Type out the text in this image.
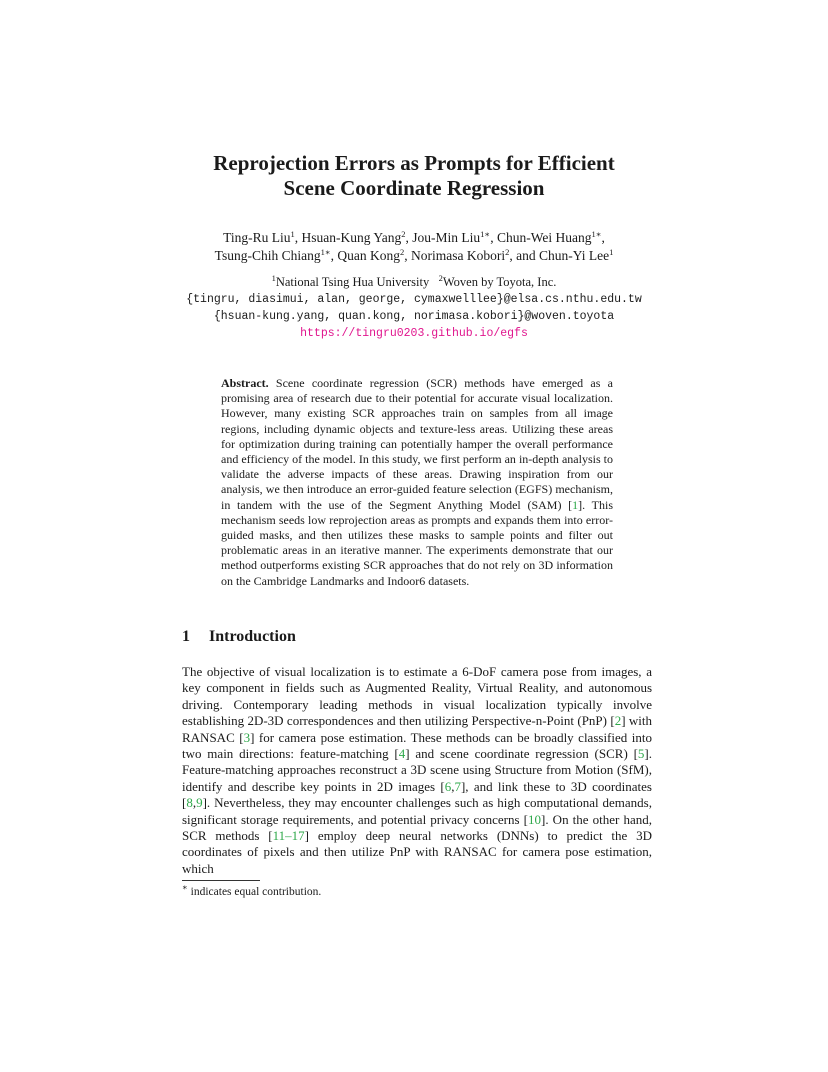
Reprojection Errors as Prompts for Efficient
Scene Coordinate Regression
Ting-Ru Liu$^1$, Hsuan-Kung Yang$^2$, Jou-Min Liu$^{1∗}$, Chun-Wei Huang$^{1∗}$,
Tsung-Chih Chiang$^{1∗}$, Quan Kong$^2$, Norimasa Kobori$^2$, and Chun-Yi Lee$^1$
$^1$National Tsing Hua University $^2$Woven by Toyota, Inc.
{tingru, diasimui, alan, george, cymaxwelllee}@elsa.cs.nthu.edu.tw
{hsuan-kung.yang, quan.kong, norimasa.kobori}@woven.toyota
https://tingru0203.github.io/egfs
Abstract. Scene coordinate regression (SCR) methods have emerged as a promising area of research due to their potential for accurate visual localization. However, many existing SCR approaches train on samples from all image regions, including dynamic objects and texture-less areas. Utilizing these areas for optimization during training can potentially hamper the overall performance and efficiency of the model. In this study, we first perform an in-depth analysis to validate the adverse impacts of these areas. Drawing inspiration from our analysis, we then introduce an error-guided feature selection (EGFS) mechanism, in tandem with the use of the Segment Anything Model (SAM) [1]. This mechanism seeds low reprojection areas as prompts and expands them into error-guided masks, and then utilizes these masks to sample points and filter out problematic areas in an iterative manner. The experiments demonstrate that our method outperforms existing SCR approaches that do not rely on 3D information on the Cambridge Landmarks and Indoor6 datasets.
1 Introduction
The objective of visual localization is to estimate a 6-DoF camera pose from images, a key component in fields such as Augmented Reality, Virtual Reality, and autonomous driving. Contemporary leading methods in visual localization typically involve establishing 2D-3D correspondences and then utilizing Perspective-n-Point (PnP) [2] with RANSAC [3] for camera pose estimation. These methods can be broadly classified into two main directions: feature-matching [4] and scene coordinate regression (SCR) [5]. Feature-matching approaches reconstruct a 3D scene using Structure from Motion (SfM), identify and describe key points in 2D images [6,7], and link these to 3D coordinates [8,9]. Nevertheless, they may encounter challenges such as high computational demands, significant storage requirements, and potential privacy concerns [10]. On the other hand, SCR methods [11–17] employ deep neural networks (DNNs) to predict the 3D coordinates of pixels and then utilize PnP with RANSAC for camera pose estimation, which
∗ indicates equal contribution.
